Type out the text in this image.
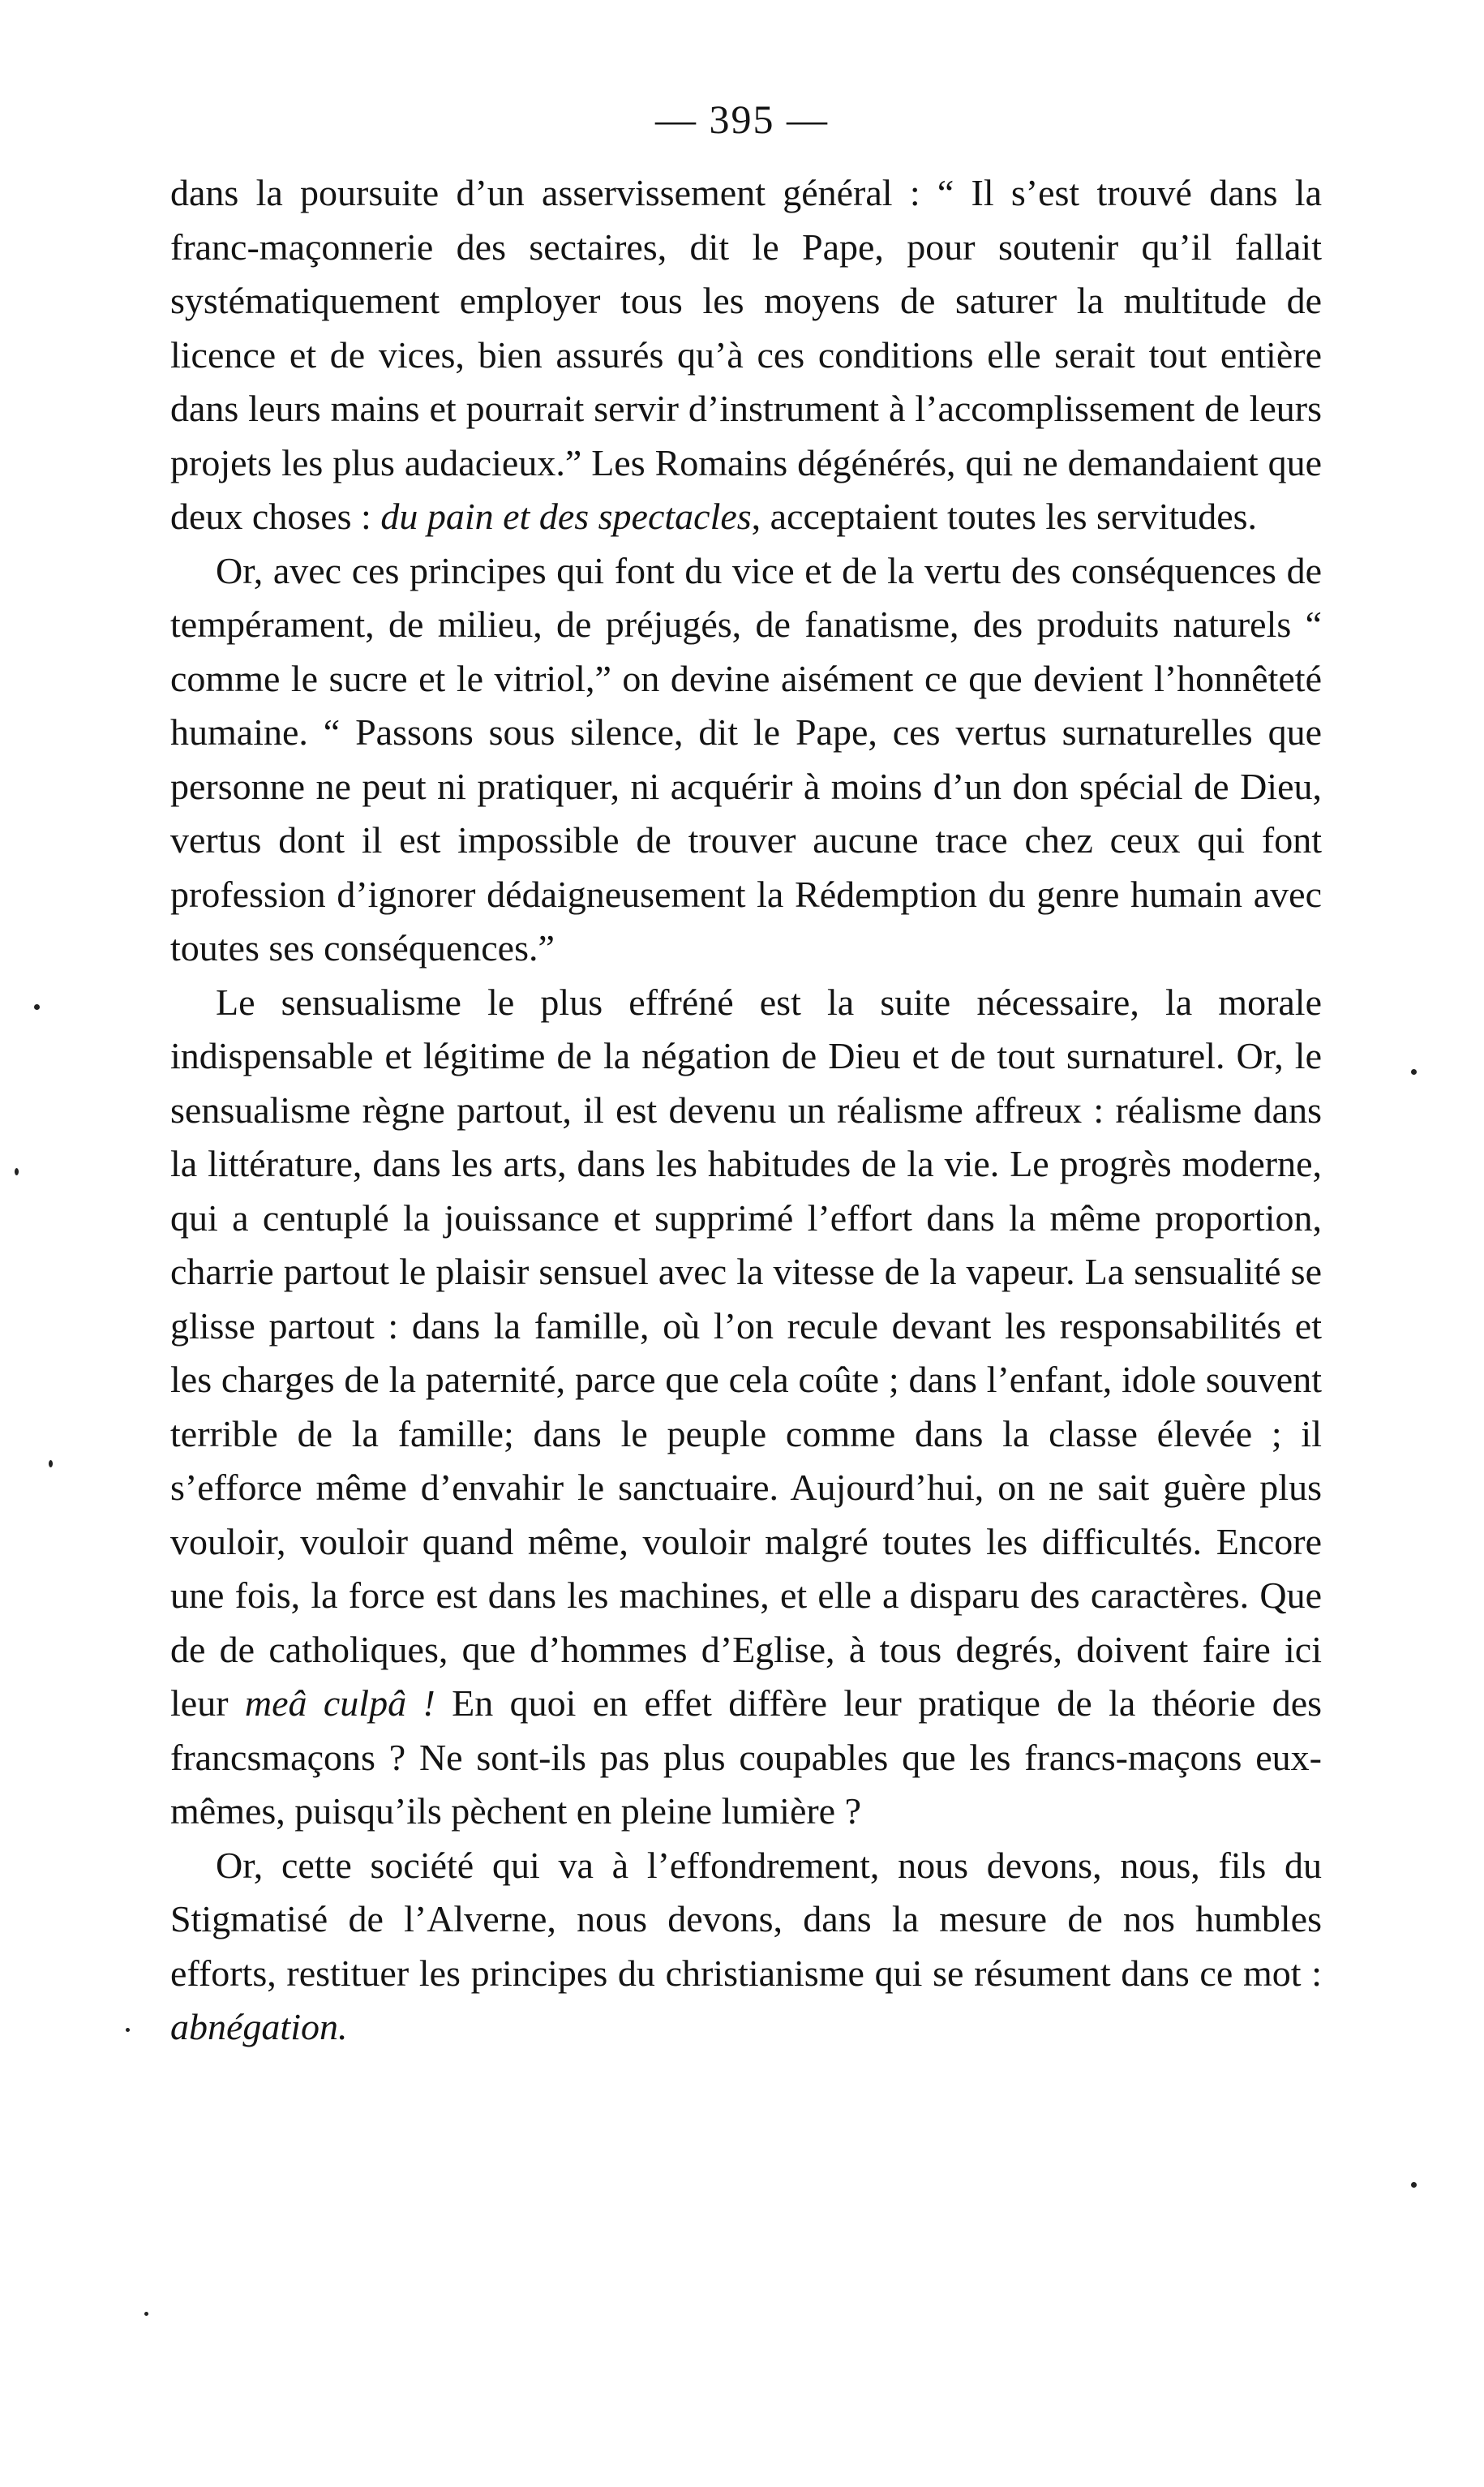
— 395 —

dans la poursuite d’un asservissement général : “ Il s’est trouvé dans la franc-maçonnerie des sectaires, dit le Pape, pour soutenir qu’il fallait systématiquement employer tous les moyens de saturer la multitude de licence et de vices, bien assurés qu’à ces conditions elle serait tout entière dans leurs mains et pourrait servir d’instrument à l’accomplissement de leurs projets les plus audacieux.” Les Romains dégénérés, qui ne demandaient que deux choses : du pain et des spectacles, acceptaient toutes les servitudes.

Or, avec ces principes qui font du vice et de la vertu des conséquences de tempérament, de milieu, de préjugés, de fanatisme, des produits naturels “ comme le sucre et le vitriol,” on devine aisément ce que devient l’honnêteté humaine. “ Passons sous silence, dit le Pape, ces vertus surnaturelles que personne ne peut ni pratiquer, ni acquérir à moins d’un don spécial de Dieu, vertus dont il est impossible de trouver aucune trace chez ceux qui font profession d’ignorer dédaigneusement la Rédemption du genre humain avec toutes ses conséquences.”

Le sensualisme le plus effréné est la suite nécessaire, la morale indispensable et légitime de la négation de Dieu et de tout surnaturel. Or, le sensualisme règne partout, il est devenu un réalisme affreux : réalisme dans la littérature, dans les arts, dans les habitudes de la vie. Le progrès moderne, qui a centuplé la jouissance et supprimé l’effort dans la même proportion, charrie partout le plaisir sensuel avec la vitesse de la vapeur. La sensualité se glisse partout : dans la famille, où l’on recule devant les responsabilités et les charges de la paternité, parce que cela coûte ; dans l’enfant, idole souvent terrible de la famille; dans le peuple comme dans la classe élevée ; il s’efforce même d’envahir le sanctuaire. Aujourd’hui, on ne sait guère plus vouloir, vouloir quand même, vouloir malgré toutes les difficultés. Encore une fois, la force est dans les machines, et elle a disparu des caractères. Que de de catholiques, que d’hommes d’Eglise, à tous degrés, doivent faire ici leur meâ culpâ ! En quoi en effet diffère leur pratique de la théorie des francsmaçons ? Ne sont-ils pas plus coupables que les francs-maçons eux-mêmes, puisqu’ils pèchent en pleine lumière ?

Or, cette société qui va à l’effondrement, nous devons, nous, fils du Stigmatisé de l’Alverne, nous devons, dans la mesure de nos humbles efforts, restituer les principes du christianisme qui se résument dans ce mot : abnégation.
